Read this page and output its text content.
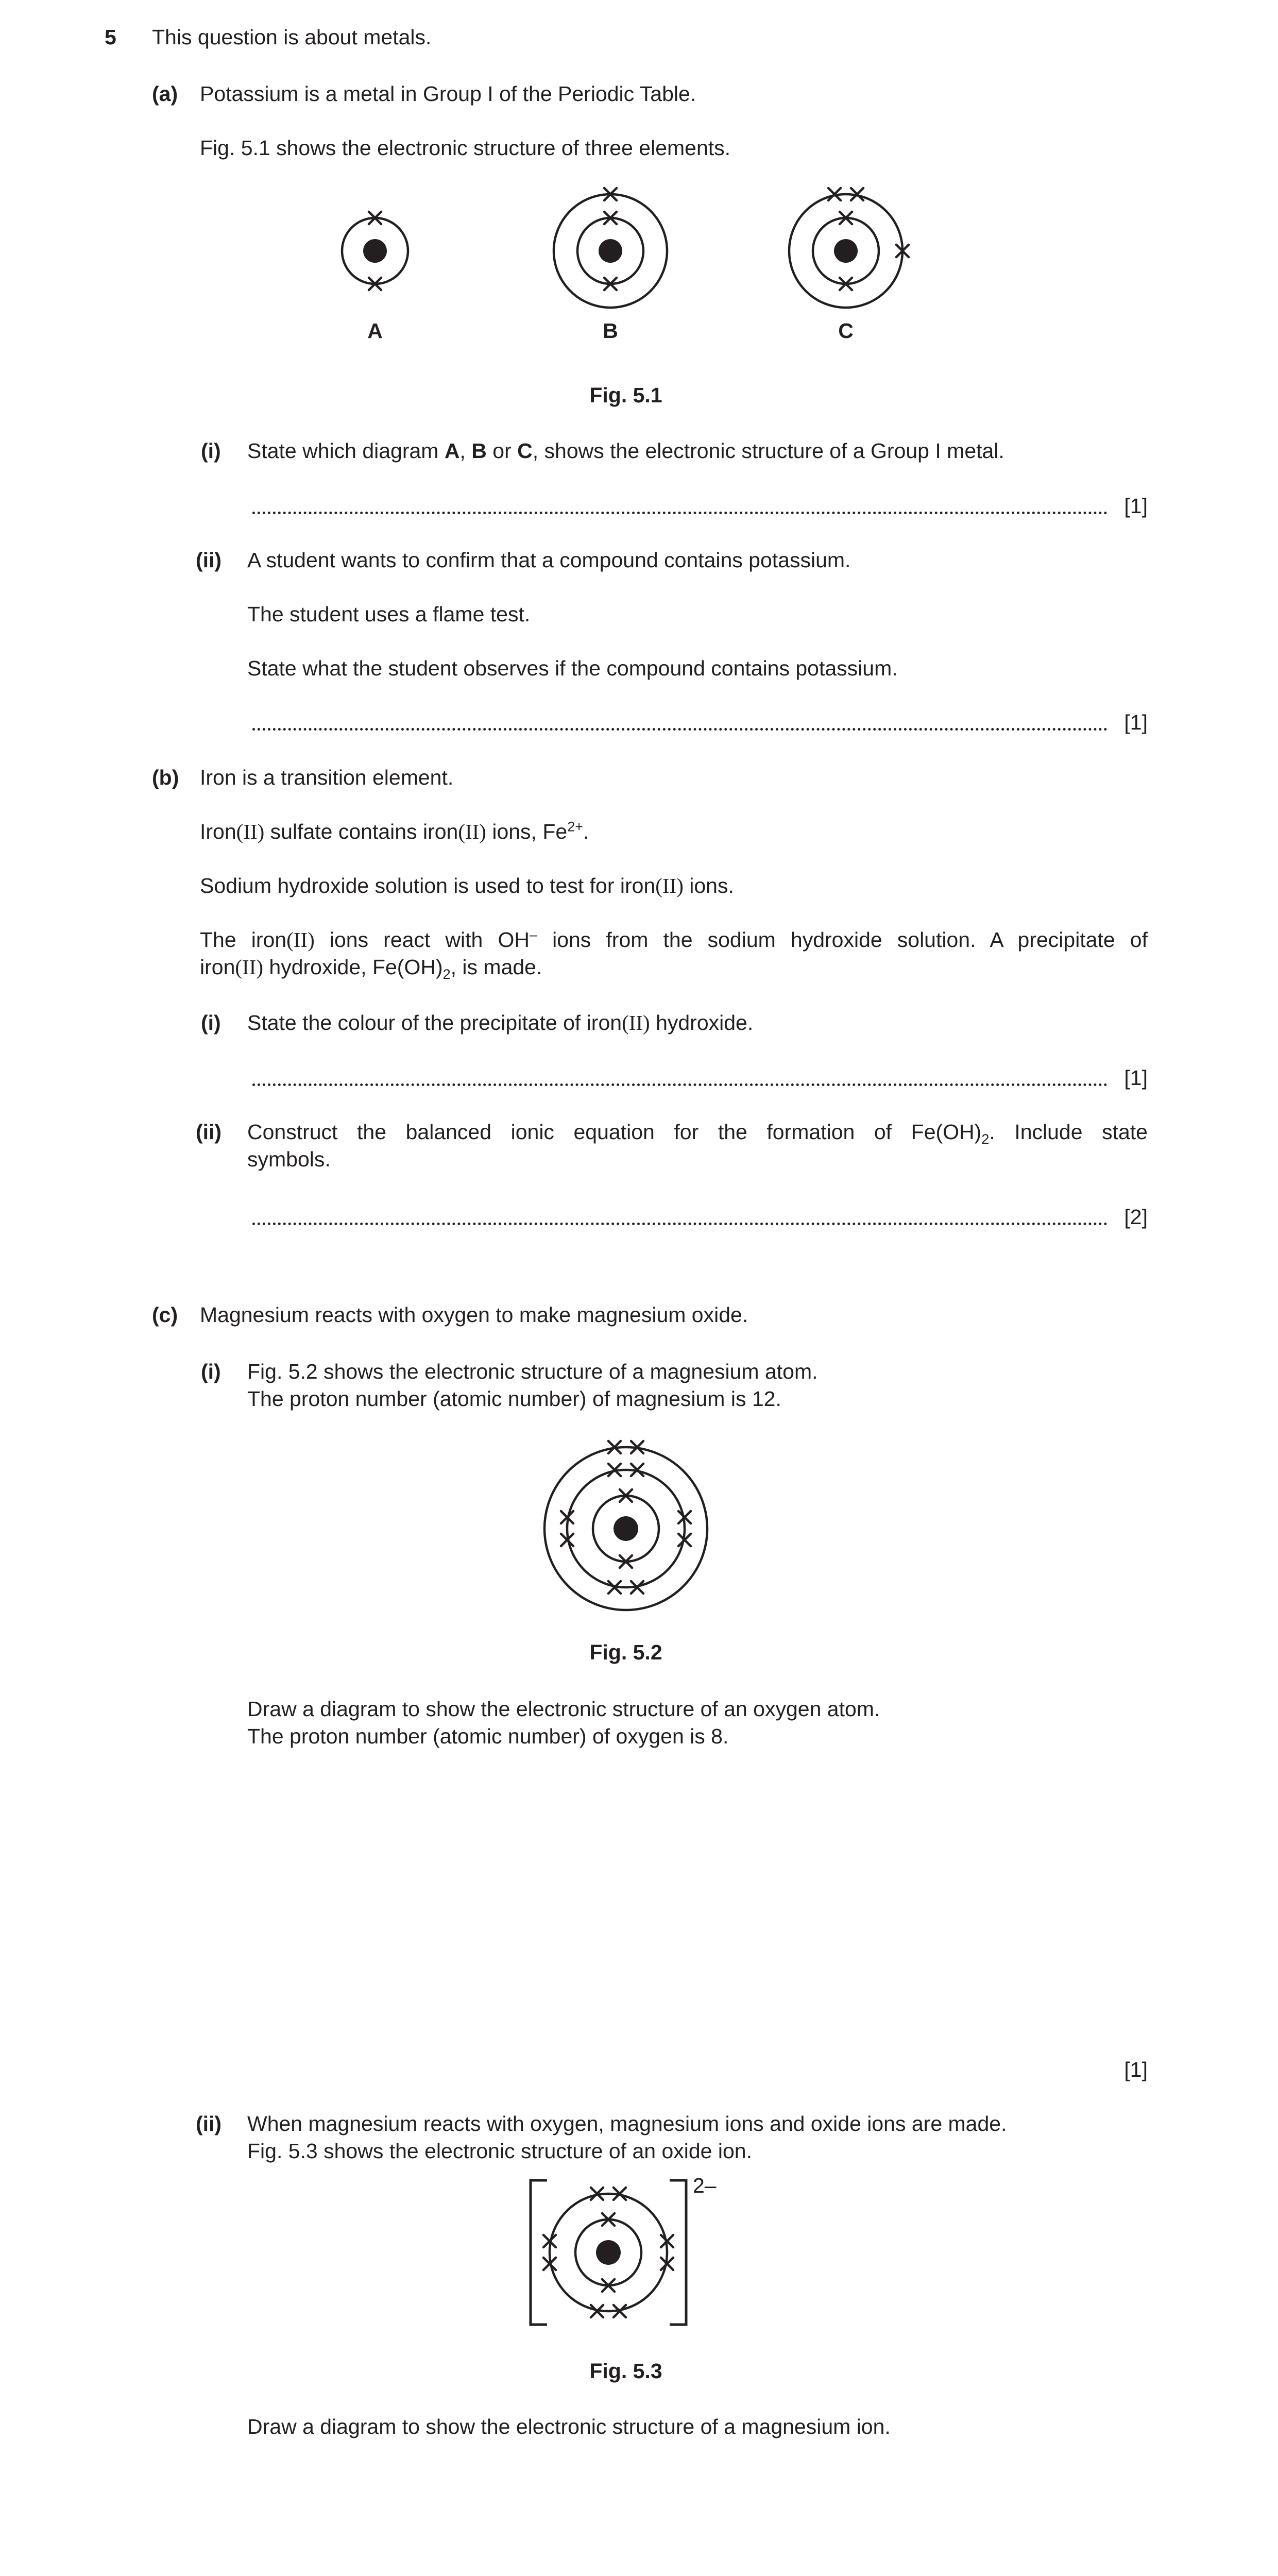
5 This question is about metals.
(a) Potassium is a metal in Group I of the Periodic Table.
Fig. 5.1 shows the electronic structure of three elements.
A	B	C
Fig. 5.1
(i) State which diagram A, B or C, shows the electronic structure of a Group I metal.
[1]
(ii) A student wants to confirm that a compound contains potassium.
The student uses a flame test.
State what the student observes if the compound contains potassium.
[1]
(b) Iron is a transition element.
Iron(II) sulfate contains iron(II) ions, $Fe^{2+}$.
Sodium hydroxide solution is used to test for iron(II) ions.
The iron(II) ions react with OH– ions from the sodium hydroxide solution. A precipitate of
iron(II) hydroxide, $Fe(OH)_2$, is made.
(i) State the colour of the precipitate of iron(II) hydroxide.
[1]
(ii) Construct the balanced ionic equation for the formation of $Fe(OH)_2$. Include state
symbols.
[2]
(c) Magnesium reacts with oxygen to make magnesium oxide.
(i) Fig. 5.2 shows the electronic structure of a magnesium atom.
The proton number (atomic number) of magnesium is 12.
Fig. 5.2
Draw a diagram to show the electronic structure of an oxygen atom.
The proton number (atomic number) of oxygen is 8.
[1]
(ii) When magnesium reacts with oxygen, magnesium ions and oxide ions are made.
Fig. 5.3 shows the electronic structure of an oxide ion.
2–
Fig. 5.3
Draw a diagram to show the electronic structure of a magnesium ion.
